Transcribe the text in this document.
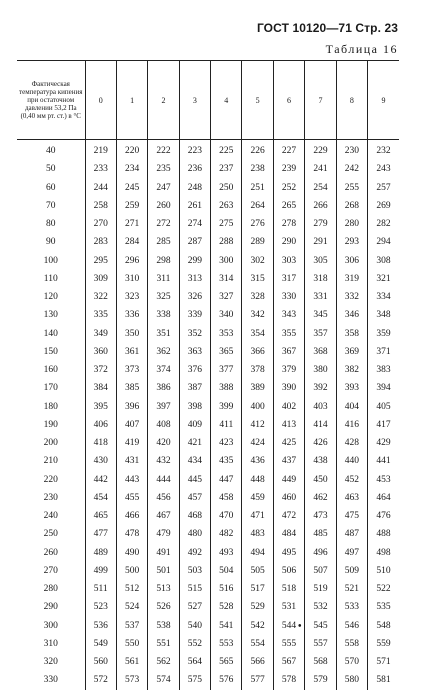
ГОСТ 10120—71 Стр. 23
Таблица 16
Фактическая температура кипения при остаточном давлении 53,2 Па (0,40 мм рт. ст.) в °С	0	1	2	3	4	5	6	7	8	9
40	219	220	222	223	225	226	227	229	230	232
50	233	234	235	236	237	238	239	241	242	243
60	244	245	247	248	250	251	252	254	255	257
70	258	259	260	261	263	264	265	266	268	269
80	270	271	272	274	275	276	278	279	280	282
90	283	284	285	287	288	289	290	291	293	294
100	295	296	298	299	300	302	303	305	306	308
110	309	310	311	313	314	315	317	318	319	321
120	322	323	325	326	327	328	330	331	332	334
130	335	336	338	339	340	342	343	345	346	348
140	349	350	351	352	353	354	355	357	358	359
150	360	361	362	363	365	366	367	368	369	371
160	372	373	374	376	377	378	379	380	382	383
170	384	385	386	387	388	389	390	392	393	394
180	395	396	397	398	399	400	402	403	404	405
190	406	407	408	409	411	412	413	414	416	417
200	418	419	420	421	423	424	425	426	428	429
210	430	431	432	434	435	436	437	438	440	441
220	442	443	444	445	447	448	449	450	452	453
230	454	455	456	457	458	459	460	462	463	464
240	465	466	467	468	470	471	472	473	475	476
250	477	478	479	480	482	483	484	485	487	488
260	489	490	491	492	493	494	495	496	497	498
270	499	500	501	503	504	505	506	507	509	510
280	511	512	513	515	516	517	518	519	521	522
290	523	524	526	527	528	529	531	532	533	535
300	536	537	538	540	541	542	544	545	546	548
310	549	550	551	552	553	554	555	557	558	559
320	560	561	562	564	565	566	567	568	570	571
330	572	573	574	575	576	577	578	579	580	581
•
